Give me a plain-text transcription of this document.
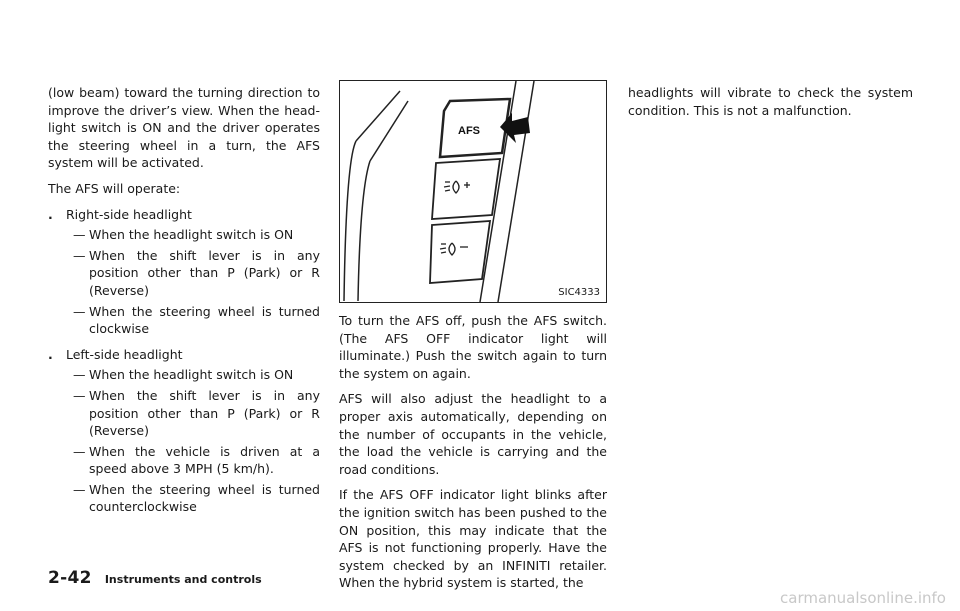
(low beam) toward the turning direction to improve the driver’s view. When the head-light switch is ON and the driver operates the steering wheel in a turn, the AFS system will be activated.

The AFS will operate:

. Right-side headlight
— When the headlight switch is ON
— When the shift lever is in any position other than P (Park) or R (Reverse)
— When the steering wheel is turned clockwise
. Left-side headlight
— When the headlight switch is ON
— When the shift lever is in any position other than P (Park) or R (Reverse)
— When the vehicle is driven at a speed above 3 MPH (5 km/h).
— When the steering wheel is turned counterclockwise
AFS
SIC4333

To turn the AFS off, push the AFS switch. (The AFS OFF indicator light will illuminate.) Push the switch again to turn the system on again.

AFS will also adjust the headlight to a proper axis automatically, depending on the number of occupants in the vehicle, the load the vehicle is carrying and the road conditions.

If the AFS OFF indicator light blinks after the ignition switch has been pushed to the ON position, this may indicate that the AFS is not functioning properly. Have the system checked by an INFINITI retailer. When the hybrid system is started, the

headlights will vibrate to check the system condition. This is not a malfunction.

2-42 Instruments and controls
carmanualsonline.info
